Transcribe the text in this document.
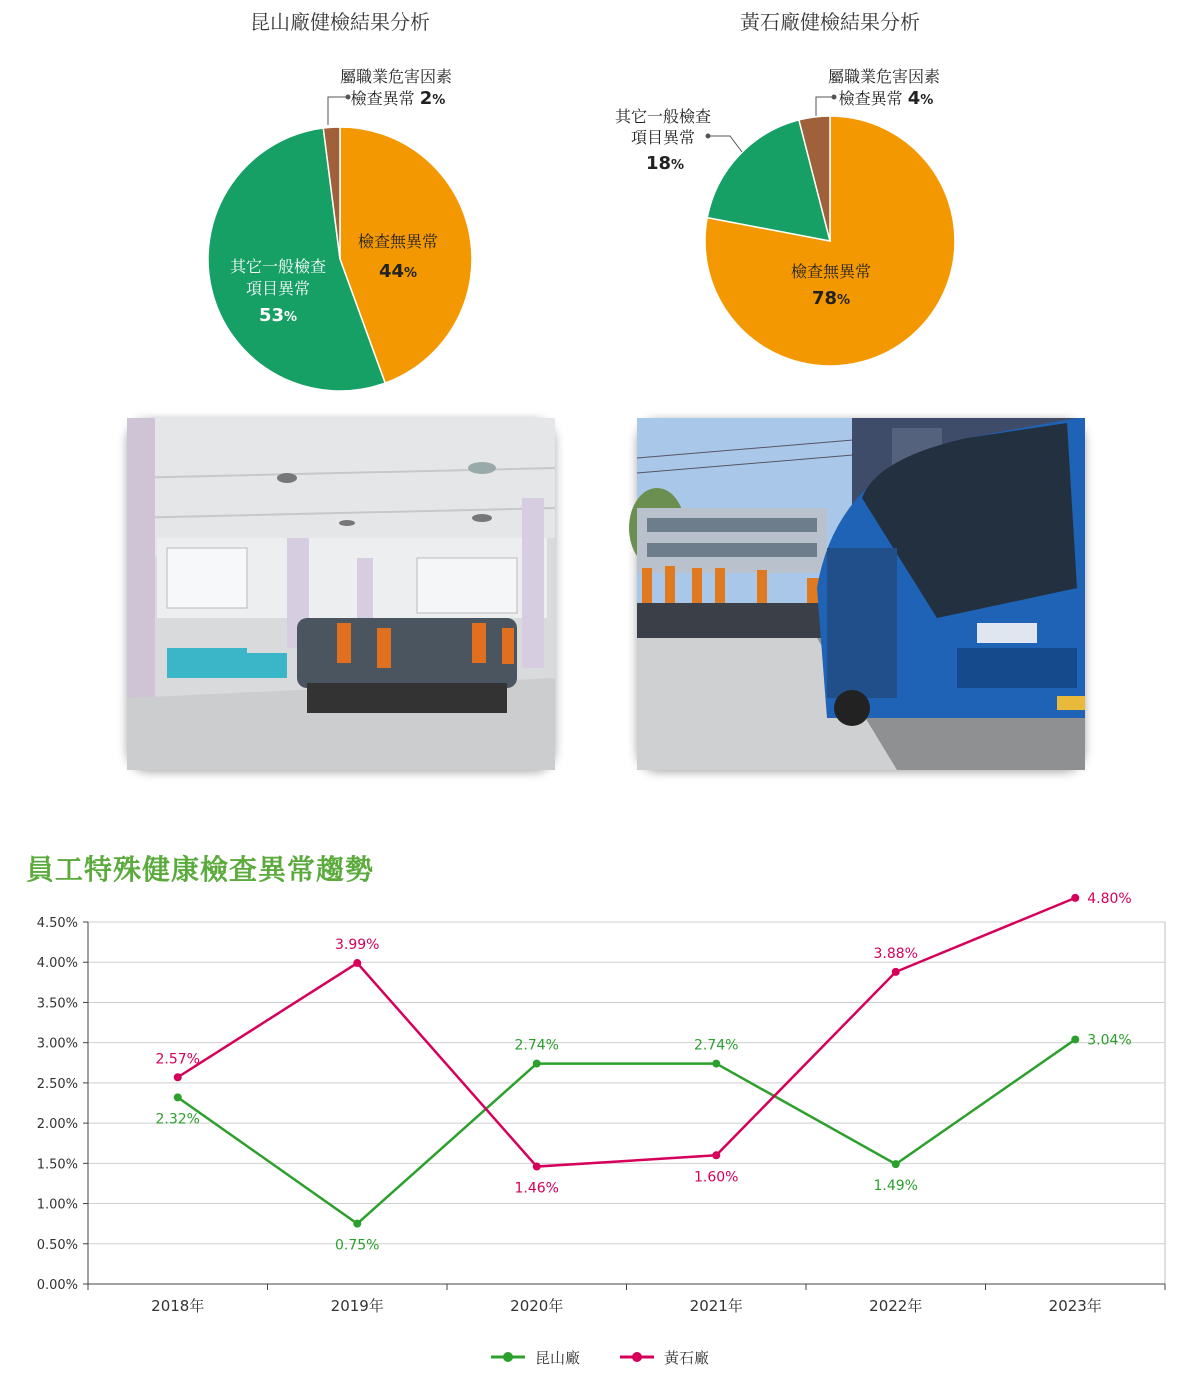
昆山廠健檢結果分析	黃石廠健檢結果分析
檢查無異常
44%
其它一般檢查
項目異常
53%
屬職業危害因素
檢查異常 2%
檢查無異常
78%
其它一般檢查
項目異常
18%
屬職業危害因素
檢查異常 4%
員工特殊健康檢查異常趨勢
0.00%
0.50%
1.00%
1.50%
2.00%
2.50%
3.00%
3.50%
4.00%
4.50%
2018年	2019年	2020年	2021年	2022年	2023年
2.32%
0.75%
2.74%	2.74%
1.49%
3.04%
2.57%
3.99%
1.46%
1.60%
3.88%
4.80%
昆山廠	黃石廠
